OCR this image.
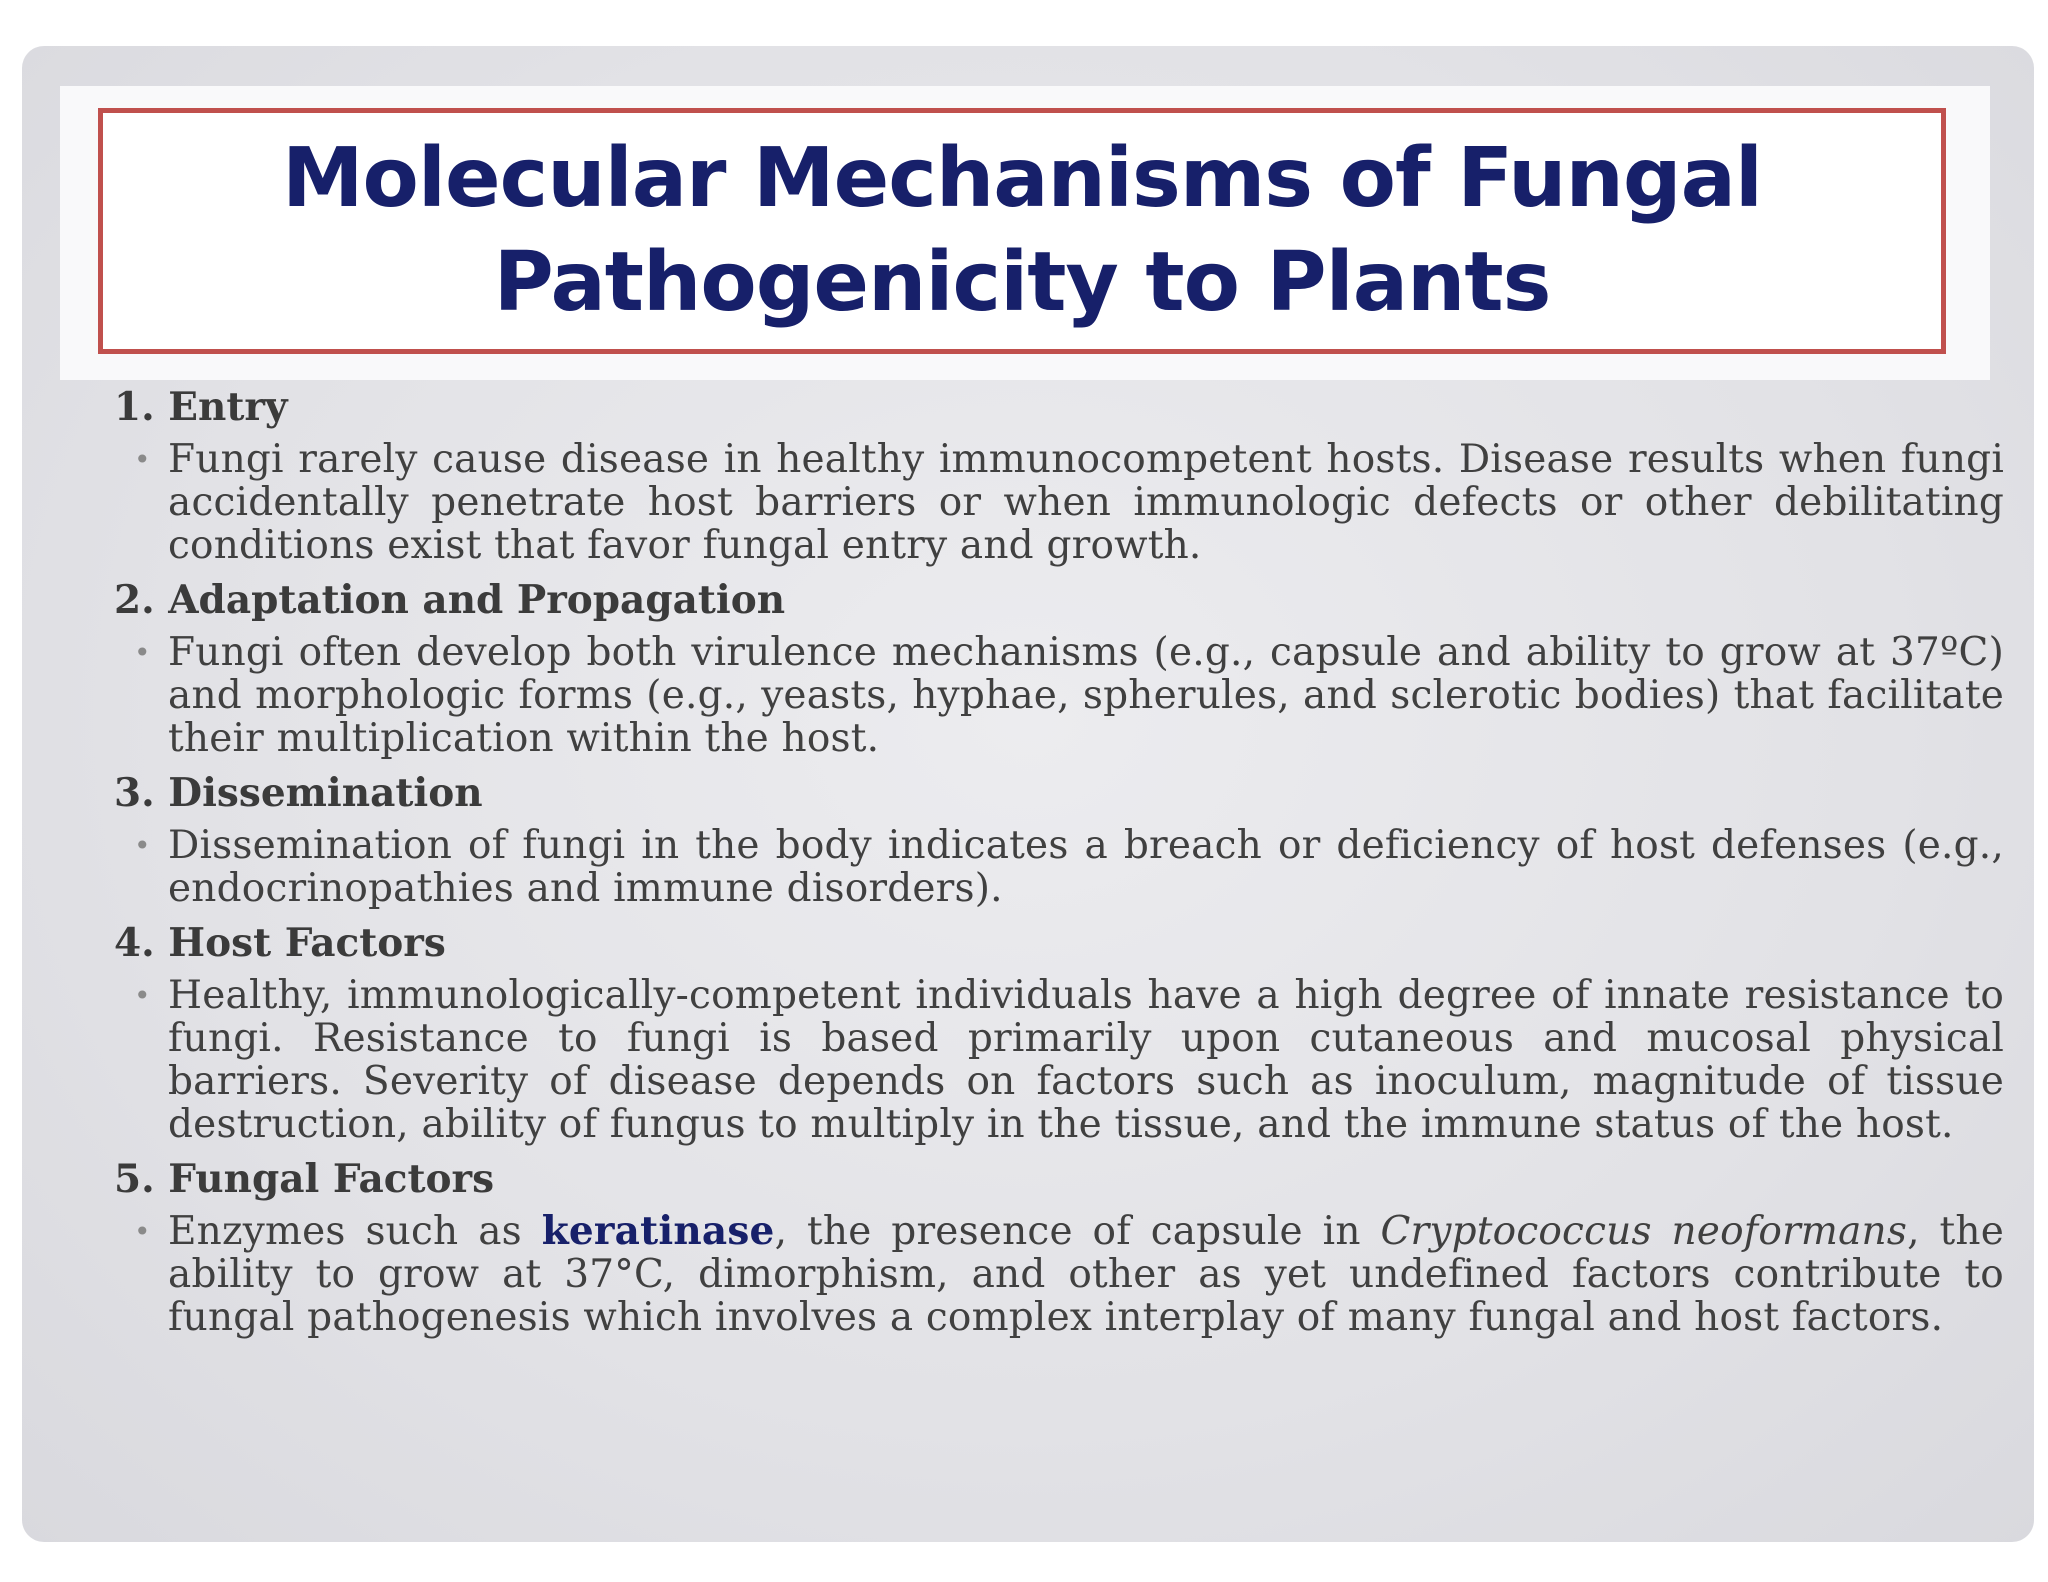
Molecular Mechanisms of Fungal
Pathogenicity to Plants
1. Entry
• Fungi rarely cause disease in healthy immunocompetent hosts. Disease results when fungi accidentally penetrate host barriers or when immunologic defects or other debilitating conditions exist that favor fungal entry and growth.
2. Adaptation and Propagation
• Fungi often develop both virulence mechanisms (e.g., capsule and ability to grow at 37ºC) and morphologic forms (e.g., yeasts, hyphae, spherules, and sclerotic bodies) that facilitate their multiplication within the host.
3. Dissemination
• Dissemination of fungi in the body indicates a breach or deficiency of host defenses (e.g., endocrinopathies and immune disorders).
4. Host Factors
• Healthy, immunologically-competent individuals have a high degree of innate resistance to fungi. Resistance to fungi is based primarily upon cutaneous and mucosal physical barriers. Severity of disease depends on factors such as inoculum, magnitude of tissue destruction, ability of fungus to multiply in the tissue, and the immune status of the host.
5. Fungal Factors
• Enzymes such as keratinase, the presence of capsule in Cryptococcus neoformans, the ability to grow at 37°C, dimorphism, and other as yet undefined factors contribute to fungal pathogenesis which involves a complex interplay of many fungal and host factors.
